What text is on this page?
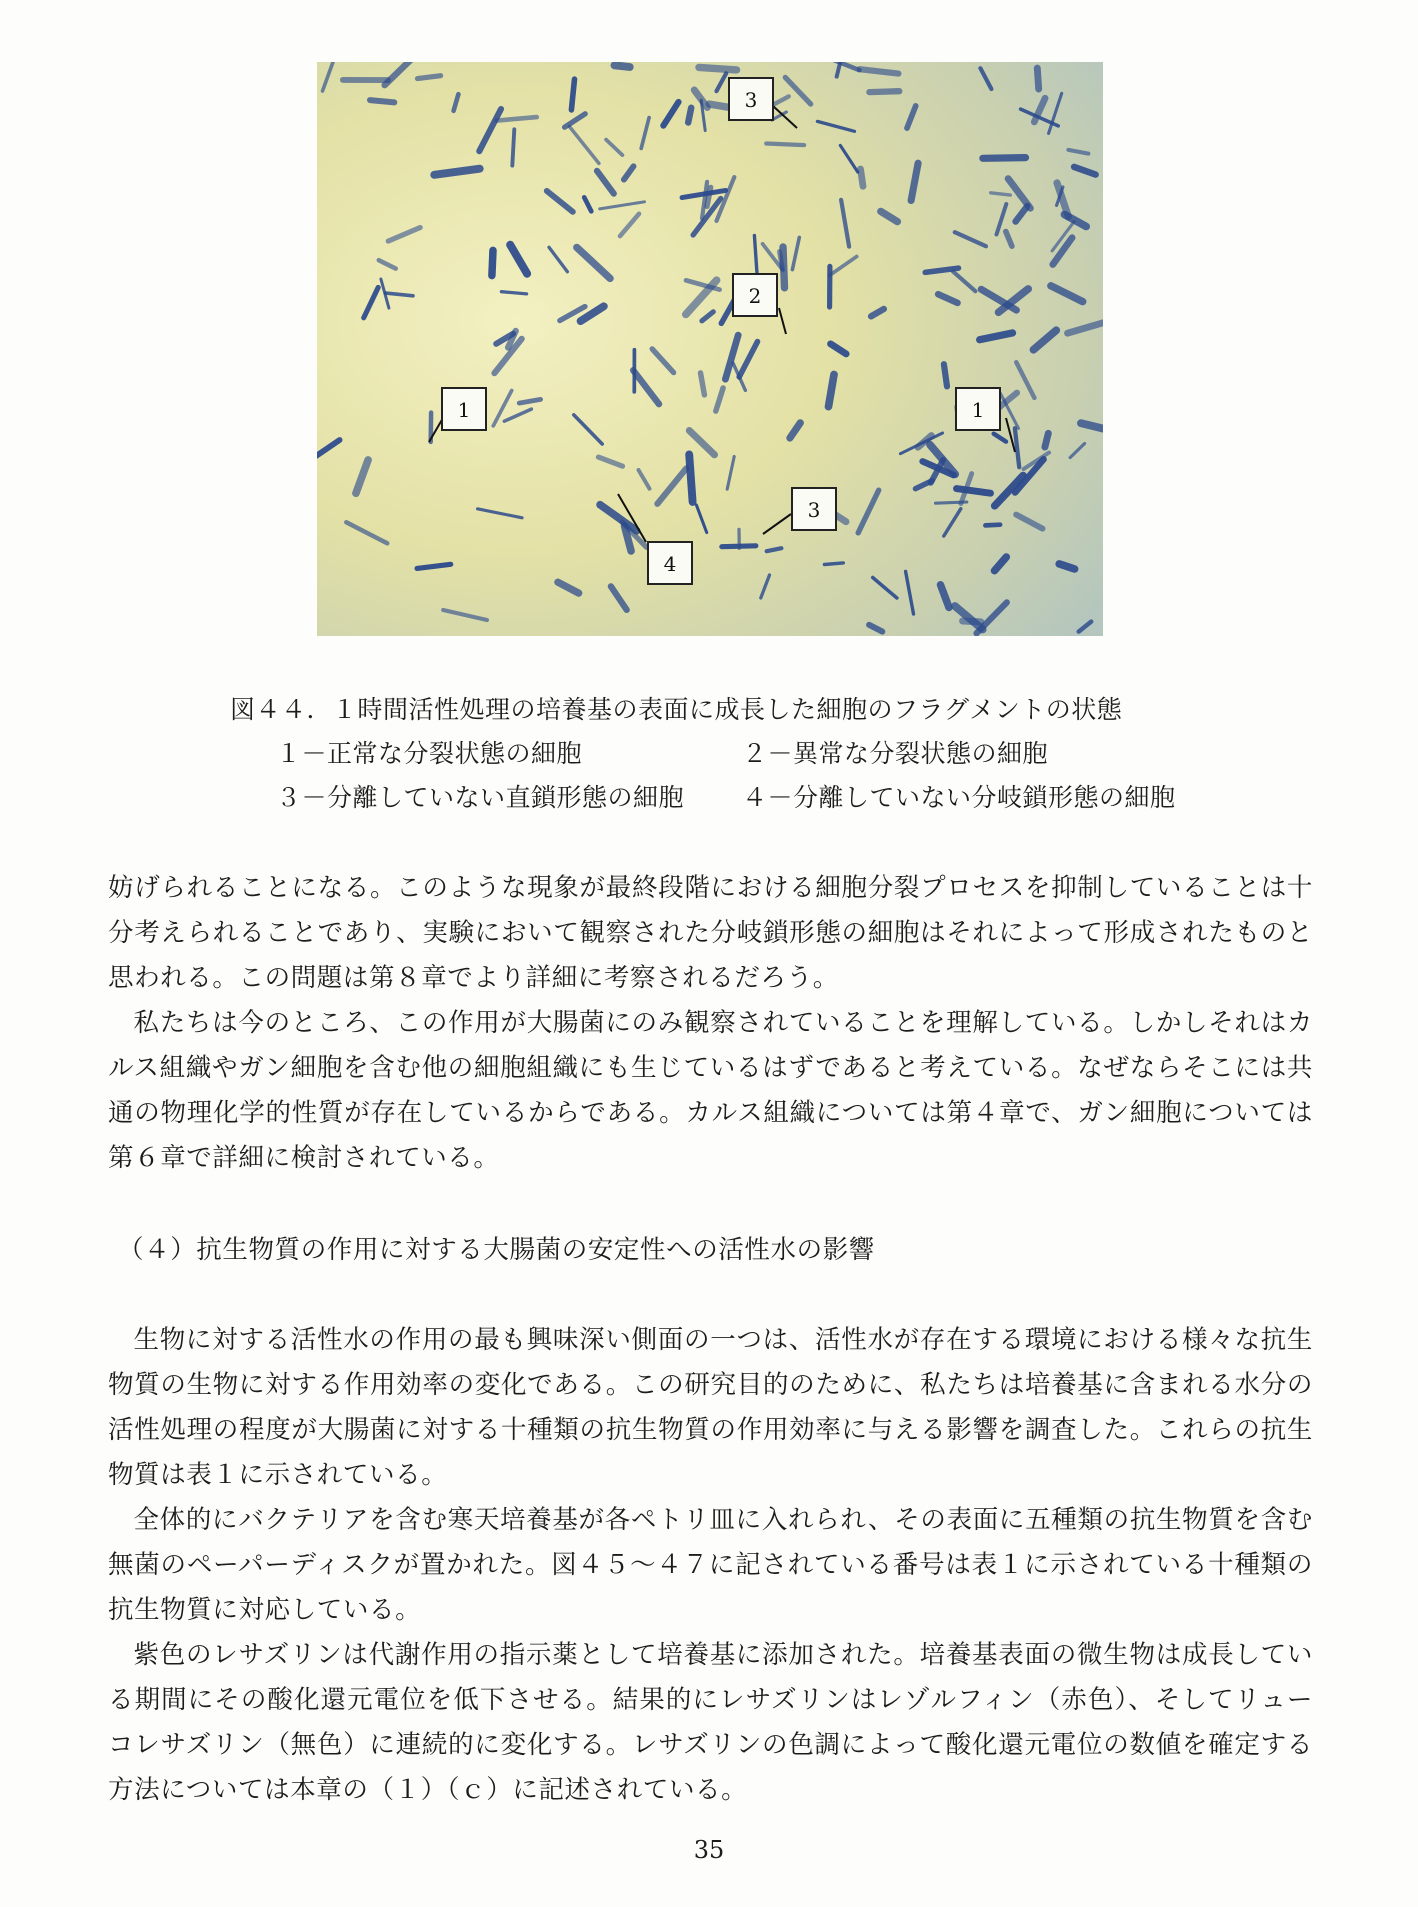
3
2
1	1
3
4
図４４．１時間活性処理の培養基の表面に成長した細胞のフラグメントの状態
１－正常な分裂状態の細胞	２－異常な分裂状態の細胞
３－分離していない直鎖形態の細胞	４－分離していない分岐鎖形態の細胞

妨げられることになる。このような現象が最終段階における細胞分裂プロセスを抑制していることは十分考えられることであり、実験において観察された分岐鎖形態の細胞はそれによって形成されたものと思われる。この問題は第８章でより詳細に考察されるだろう。

私たちは今のところ、この作用が大腸菌にのみ観察されていることを理解している。しかしそれはカルス組織やガン細胞を含む他の細胞組織にも生じているはずであると考えている。なぜならそこには共通の物理化学的性質が存在しているからである。カルス組織については第４章で、ガン細胞については第６章で詳細に検討されている。

（４）抗生物質の作用に対する大腸菌の安定性への活性水の影響

生物に対する活性水の作用の最も興味深い側面の一つは、活性水が存在する環境における様々な抗生物質の生物に対する作用効率の変化である。この研究目的のために、私たちは培養基に含まれる水分の活性処理の程度が大腸菌に対する十種類の抗生物質の作用効率に与える影響を調査した。これらの抗生物質は表１に示されている。

全体的にバクテリアを含む寒天培養基が各ペトリ皿に入れられ、その表面に五種類の抗生物質を含む無菌のペーパーディスクが置かれた。図４５～４７に記されている番号は表１に示されている十種類の抗生物質に対応している。

紫色のレサズリンは代謝作用の指示薬として培養基に添加された。培養基表面の微生物は成長している期間にその酸化還元電位を低下させる。結果的にレサズリンはレゾルフィン（赤色）、そしてリューコレサズリン（無色）に連続的に変化する。レサズリンの色調によって酸化還元電位の数値を確定する方法については本章の（１）（ｃ）に記述されている。

35
